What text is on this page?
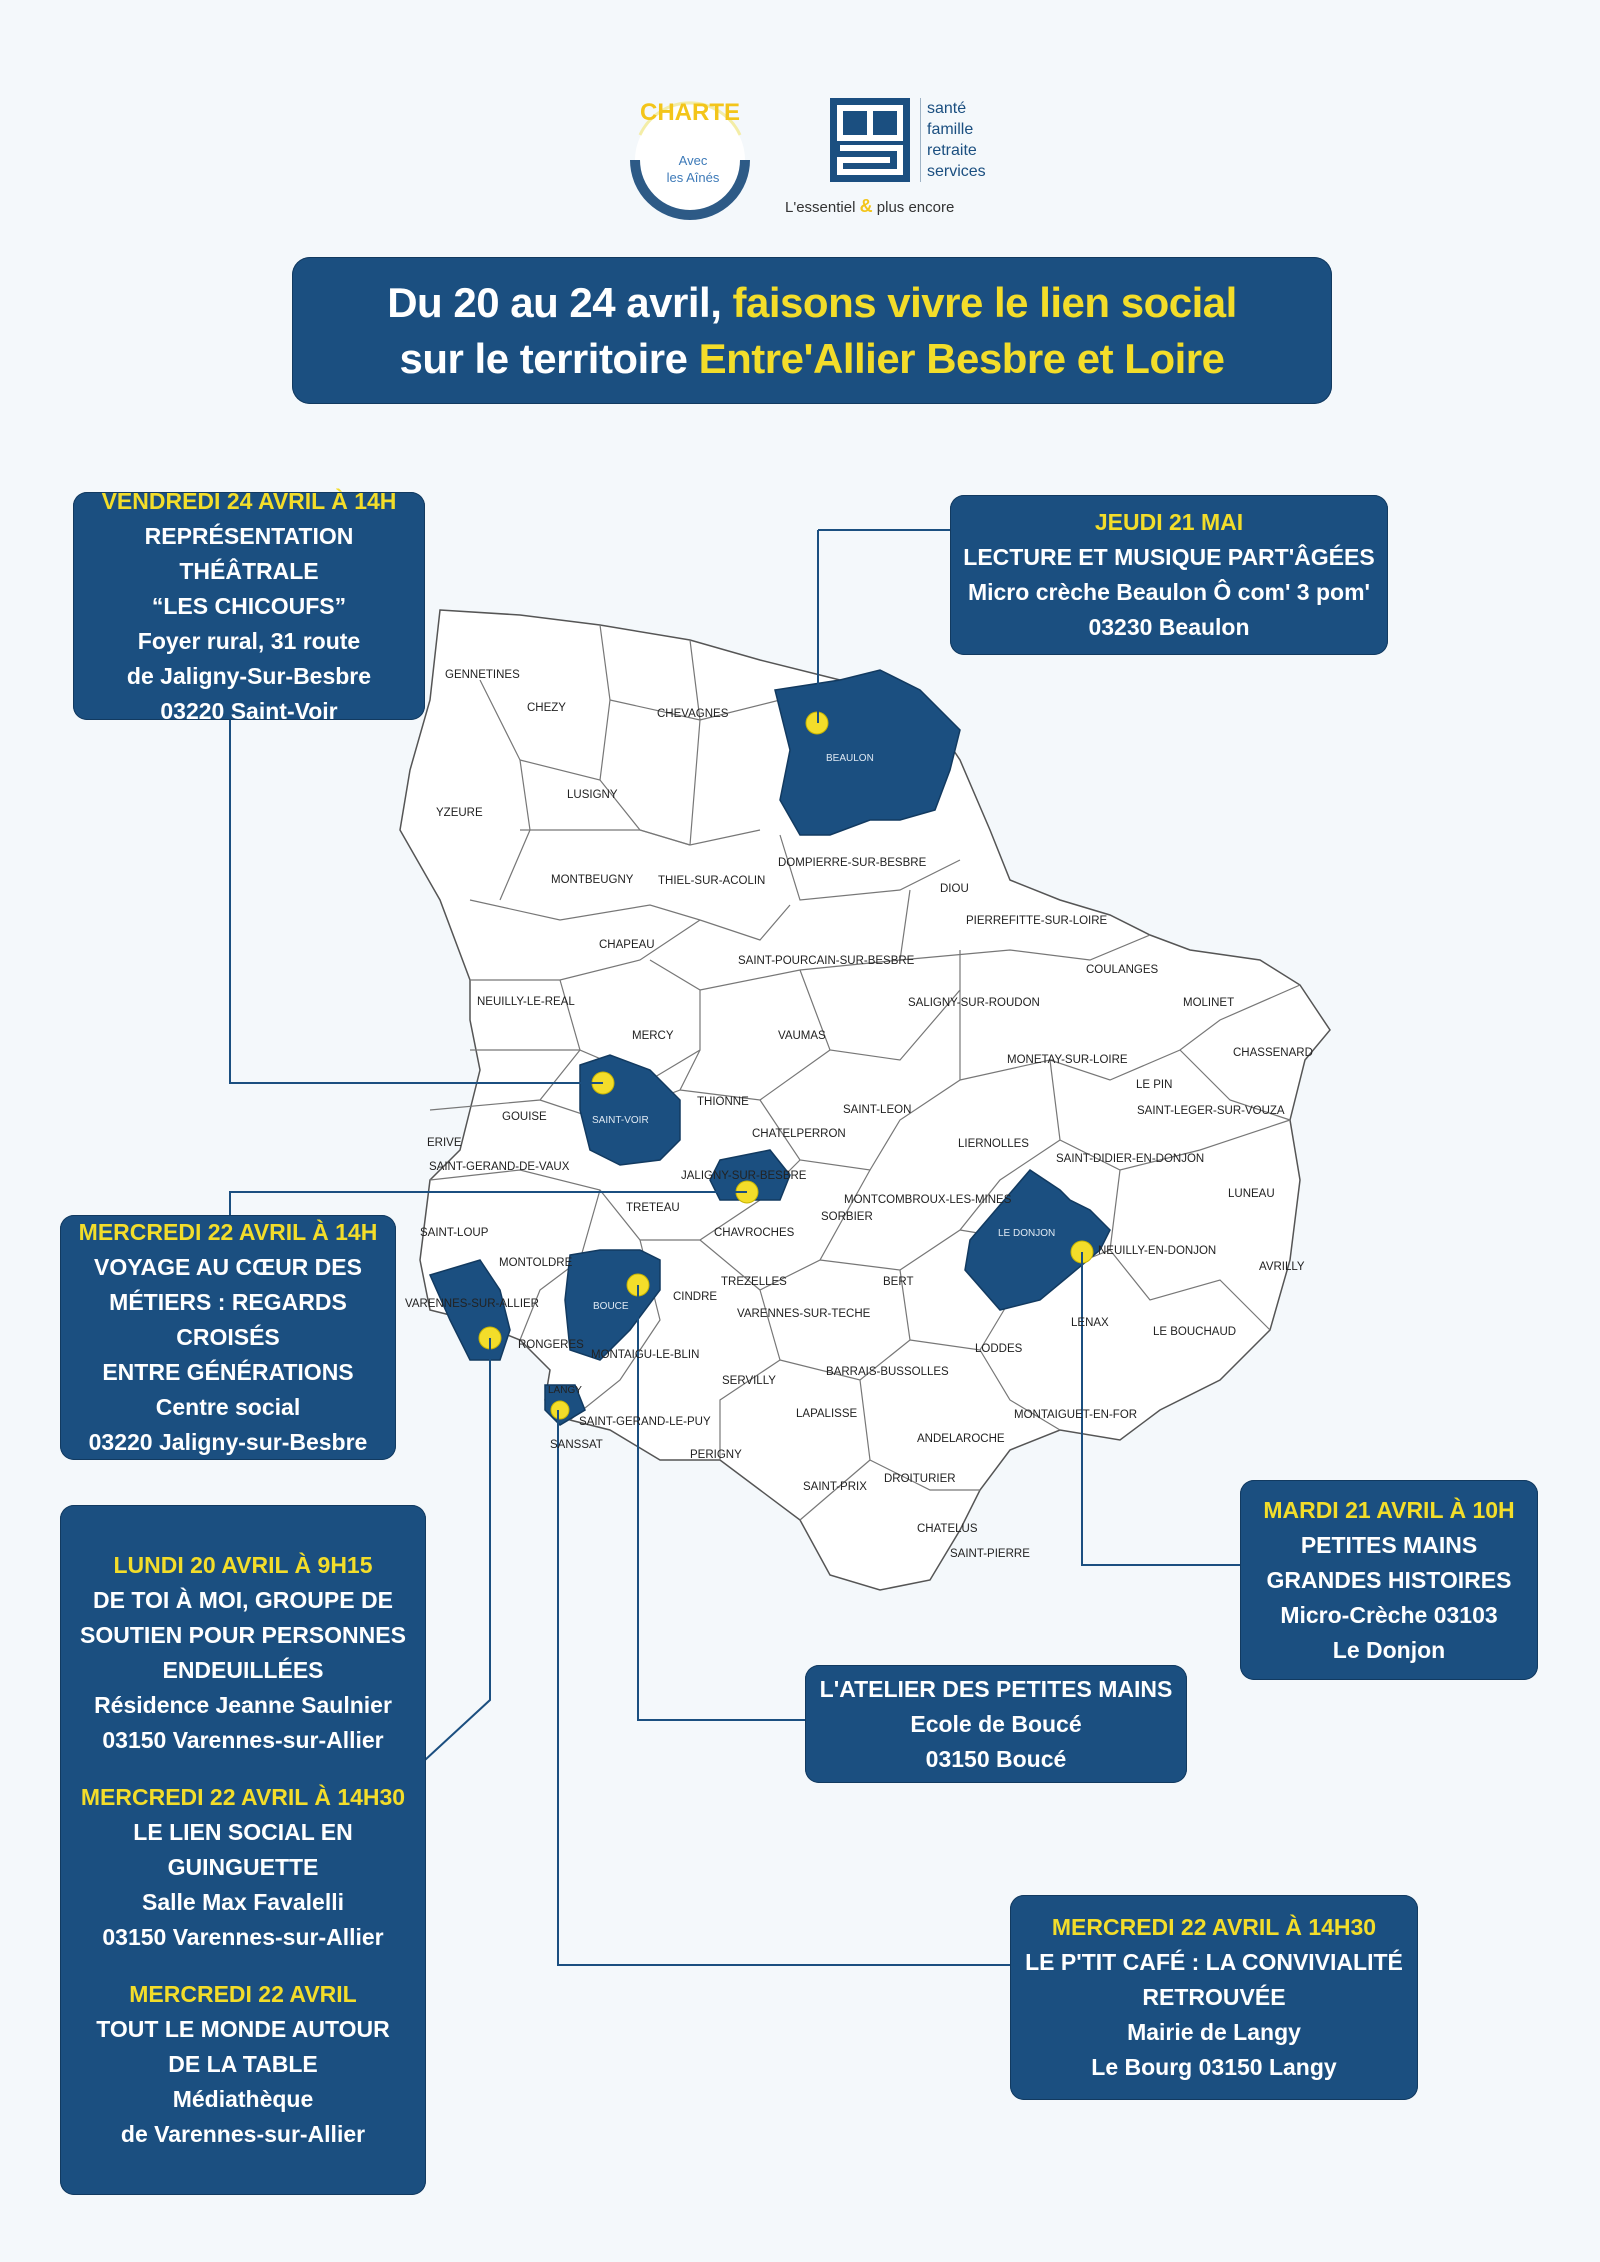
CHARTE
Avec
les Aînés
santé
famille
retraite
services
L'essentiel & plus encore
Du 20 au 24 avril, faisons vivre le lien social
sur le territoire Entre'Allier Besbre et Loire
GENNETINES
CHEZY	CHEVAGNES
BEAULON
YZEURE
LUSIGNY
MONTBEUGNY THIEL-SUR-ACOLIN
DOMPIERRE-SUR-BESBRE
DIOU
PIERREFITTE-SUR-LOIRE
CHAPEAU
SAINT-POURCAIN-SUR-BESBRE
COULANGES
NEUILLY-LE-REAL	SALIGNY-SUR-ROUDON	MOLINET
MERCY	VAUMAS
MONETAY-SUR-LOIRE
CHASSENARD
LE PIN
THIONNE
SAINT-VOIR
SAINT-LEON	SAINT-LEGER-SUR-VOUZA
GOUISE
CHATELPERRON
LIERNOLLES
ERIVE
SAINT-GERAND-DE-VAUX
JALIGNY-SUR-BESBRE
SAINT-DIDIER-EN-DONJON
TRETEAU
MONTCOMBROUX-LES-MINES	LUNEAU
SAINT-LOUP
SORBIER
CHAVROCHES	LE DONJON
NEUILLY-EN-DONJON
MONTOLDRE	AVRILLY
TREZELLES	BERT
VARENNES-SUR-ALLIER	BOUCE
CINDRE
VARENNES-SUR-TECHE
LENAX
LE BOUCHAUD
RONGERES
MONTAIGU-LE-BLIN	LODDES
SERVILLY
BARRAIS-BUSSOLLES
LANGY
SAINT-GERAND-LE-PUY
LAPALISSE	MONTAIGUET-EN-FOR
SANSSAT	ANDELAROCHE
PERIGNY
DROITURIER
SAINT-PRIX
CHATELUS
SAINT-PIERRE
VENDREDI 24 AVRIL À 14H
REPRÉSENTATION THÉÂTRALE
“LES CHICOUFS”
Foyer rural, 31 route
de Jaligny-Sur-Besbre
03220 Saint-Voir
JEUDI 21 MAI
LECTURE ET MUSIQUE PART'ÂGÉES
Micro crèche Beaulon Ô com' 3 pom'
03230 Beaulon
MERCREDI 22 AVRIL À 14H
VOYAGE AU CŒUR DES
MÉTIERS : REGARDS CROISÉS
ENTRE GÉNÉRATIONS
Centre social
03220 Jaligny-sur-Besbre
LUNDI 20 AVRIL À 9H15
DE TOI À MOI, GROUPE DE
SOUTIEN POUR PERSONNES
ENDEUILLÉES
Résidence Jeanne Saulnier
03150 Varennes-sur-Allier
MERCREDI 22 AVRIL À 14H30
LE LIEN SOCIAL EN GUINGUETTE
Salle Max Favalelli
03150 Varennes-sur-Allier
MERCREDI 22 AVRIL
TOUT LE MONDE AUTOUR
DE LA TABLE
Médiathèque
de Varennes-sur-Allier
MARDI 21 AVRIL À 10H
PETITES MAINS
GRANDES HISTOIRES
Micro-Crèche 03103
Le Donjon
L'ATELIER DES PETITES MAINS
Ecole de Boucé
03150 Boucé
MERCREDI 22 AVRIL À 14H30
LE P'TIT CAFÉ : LA CONVIVIALITÉ
RETROUVÉE
Mairie de Langy
Le Bourg 03150 Langy
